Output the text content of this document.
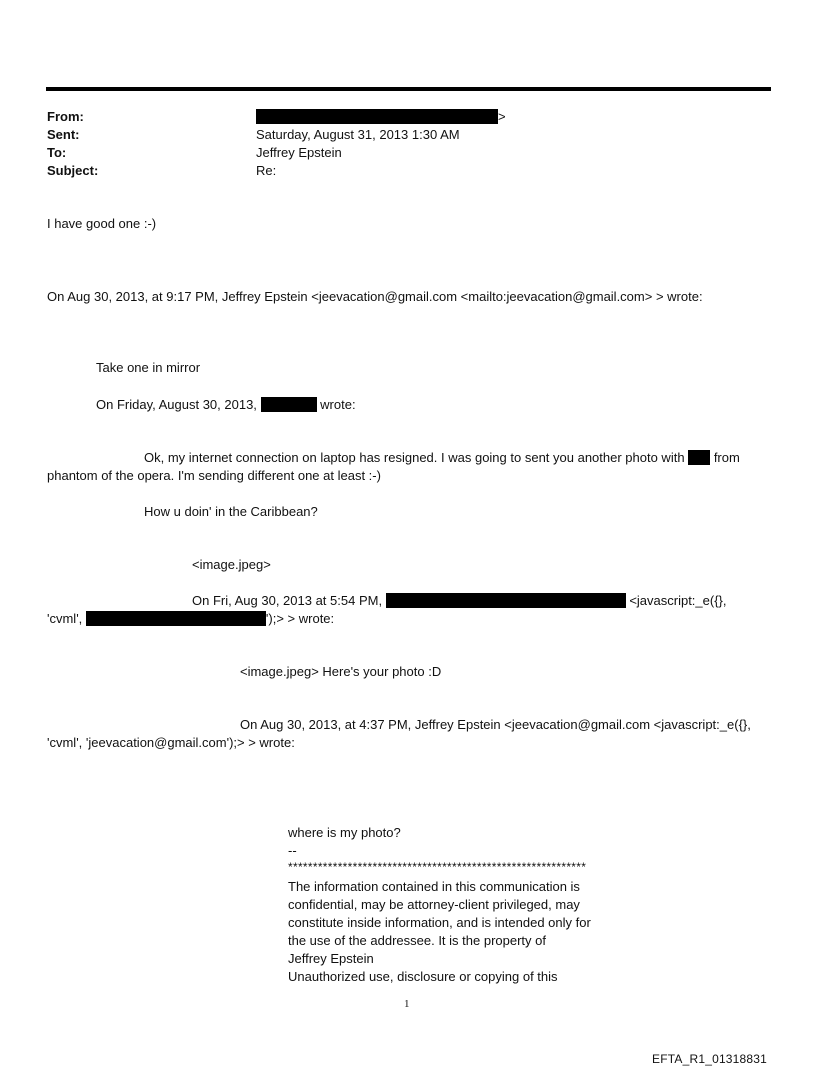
From:	>
Sent:	Saturday, August 31, 2013 1:30 AM
To:	Jeffrey Epstein
Subject:	Re:
I have good one :-)
On Aug 30, 2013, at 9:17 PM, Jeffrey Epstein <jeevacation@gmail.com <mailto:jeevacation@gmail.com> > wrote:
Take one in mirror
On Friday, August 30, 2013,	wrote:
Ok, my internet connection on laptop has resigned. I was going to sent you another photo with from
phantom of the opera. I'm sending different one at least :-)
How u doin' in the Caribbean?
<image.jpeg>
On Fri, Aug 30, 2013 at 5:54 PM,	<javascript:_e({},
'cvml',	');> > wrote:
<image.jpeg> Here's your photo :D
On Aug 30, 2013, at 4:37 PM, Jeffrey Epstein <jeevacation@gmail.com <javascript:_e({},
'cvml', 'jeevacation@gmail.com');> > wrote:
where is my photo?
--
************************************************************
The information contained in this communication is
confidential, may be attorney-client privileged, may
constitute inside information, and is intended only for
the use of the addressee. It is the property of
Jeffrey Epstein
Unauthorized use, disclosure or copying of this
1
EFTA_R1_01318831
